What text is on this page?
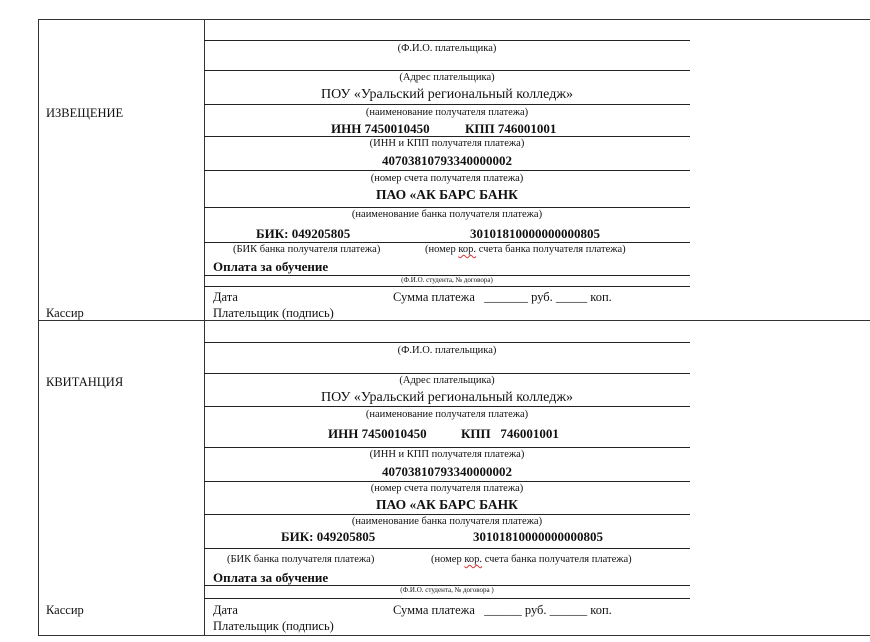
ИЗВЕЩЕНИЕ
Кассир
(Ф.И.О. плательщика)
(Адрес плательщика)
ПОУ «Уральский региональный колледж»
(наименование получателя платежа)
ИНН 7450010450	КПП 746001001
(ИНН и КПП получателя платежа)
40703810793340000002
(номер счета получателя платежа)
ПАО «АК БАРС БАНК
(наименование банка получателя платежа)
БИК: 049205805	30101810000000000805
(БИК банка получателя платежа)	(номер кор. счета банка получателя платежа)
Оплата за обучение
(Ф.И.О. студента, № договора)
Дата	Сумма платежа   _______ руб. _____ коп.
Плательщик (подпись)
КВИТАНЦИЯ
Кассир
(Ф.И.О. плательщика)
(Адрес плательщика)
ПОУ «Уральский региональный колледж»
(наименование получателя платежа)
ИНН 7450010450	КПП   746001001
(ИНН и КПП получателя платежа)
40703810793340000002
(номер счета получателя платежа)
ПАО «АК БАРС БАНК
(наименование банка получателя платежа)
БИК: 049205805	30101810000000000805
(БИК банка получателя платежа)	(номер кор. счета банка получателя платежа)
Оплата за обучение
(Ф.И.О. студента, № договора )
Дата	Сумма платежа   ______ руб. ______ коп.
Плательщик (подпись)
